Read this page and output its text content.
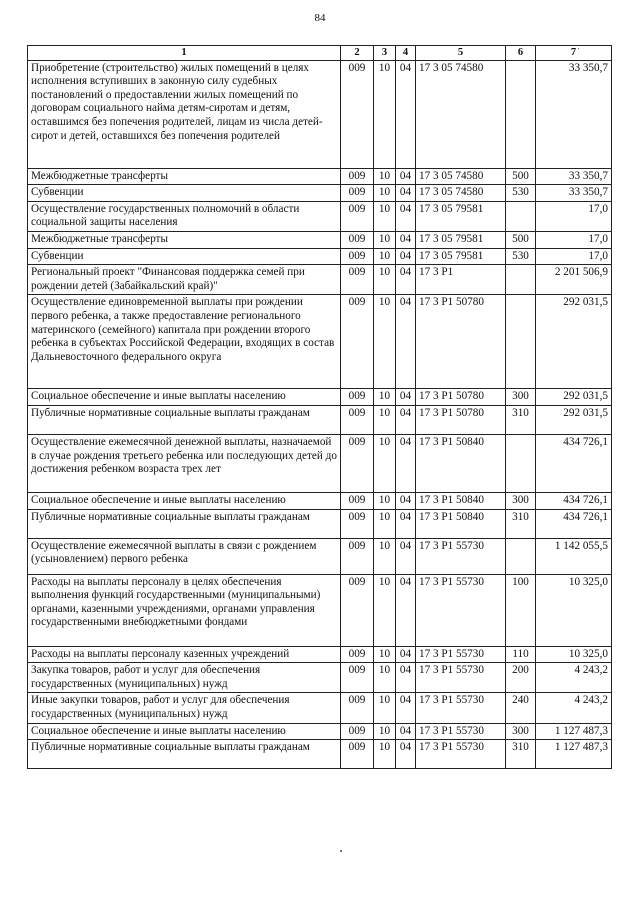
84
1	2	3	4	5	6	7
Приобретение (строительство) жилых помещений в целях исполнения вступивших в законную силу судебных постановлений о предоставлении жилых помещений по договорам социального найма детям-сиротам и детям, оставшимся без попечения родителей, лицам из числа детей-сирот и детей, оставшихся без попечения родителей	009	10	04	17 3 05 74580		33 350,7
Межбюджетные трансферты	009	10	04	17 3 05 74580	500	33 350,7
Субвенции	009	10	04	17 3 05 74580	530	33 350,7
Осуществление государственных полномочий в области социальной защиты населения	009	10	04	17 3 05 79581		17,0
Межбюджетные трансферты	009	10	04	17 3 05 79581	500	17,0
Субвенции	009	10	04	17 3 05 79581	530	17,0
Региональный проект "Финансовая поддержка семей при рождении детей (Забайкальский край)"	009	10	04	17 3 P1		2 201 506,9
Осуществление единовременной выплаты при рождении первого ребенка, а также предоставление регионального материнского (семейного) капитала при рождении второго ребенка в субъектах Российской Федерации, входящих в состав Дальневосточного федерального округа	009	10	04	17 3 P1 50780		292 031,5
Социальное обеспечение и иные выплаты населению	009	10	04	17 3 P1 50780	300	292 031,5
Публичные нормативные социальные выплаты гражданам	009	10	04	17 3 P1 50780	310	292 031,5
Осуществление ежемесячной денежной выплаты, назначаемой в случае рождения третьего ребенка или последующих детей до достижения ребенком возраста трех лет	009	10	04	17 3 P1 50840		434 726,1
Социальное обеспечение и иные выплаты населению	009	10	04	17 3 P1 50840	300	434 726,1
Публичные нормативные социальные выплаты гражданам	009	10	04	17 3 P1 50840	310	434 726,1
Осуществление ежемесячной выплаты в связи с рождением (усыновлением) первого ребенка	009	10	04	17 3 P1 55730		1 142 055,5
Расходы на выплаты персоналу в целях обеспечения выполнения функций государственными (муниципальными) органами, казенными учреждениями, органами управления государственными внебюджетными фондами	009	10	04	17 3 P1 55730	100	10 325,0
Расходы на выплаты персоналу казенных учреждений	009	10	04	17 3 P1 55730	110	10 325,0
Закупка товаров, работ и услуг для обеспечения государственных (муниципальных) нужд	009	10	04	17 3 P1 55730	200	4 243,2
Иные закупки товаров, работ и услуг для обеспечения государственных (муниципальных) нужд	009	10	04	17 3 P1 55730	240	4 243,2
Социальное обеспечение и иные выплаты населению	009	10	04	17 3 P1 55730	300	1 127 487,3
Публичные нормативные социальные выплаты гражданам	009	10	04	17 3 P1 55730	310	1 127 487,3
